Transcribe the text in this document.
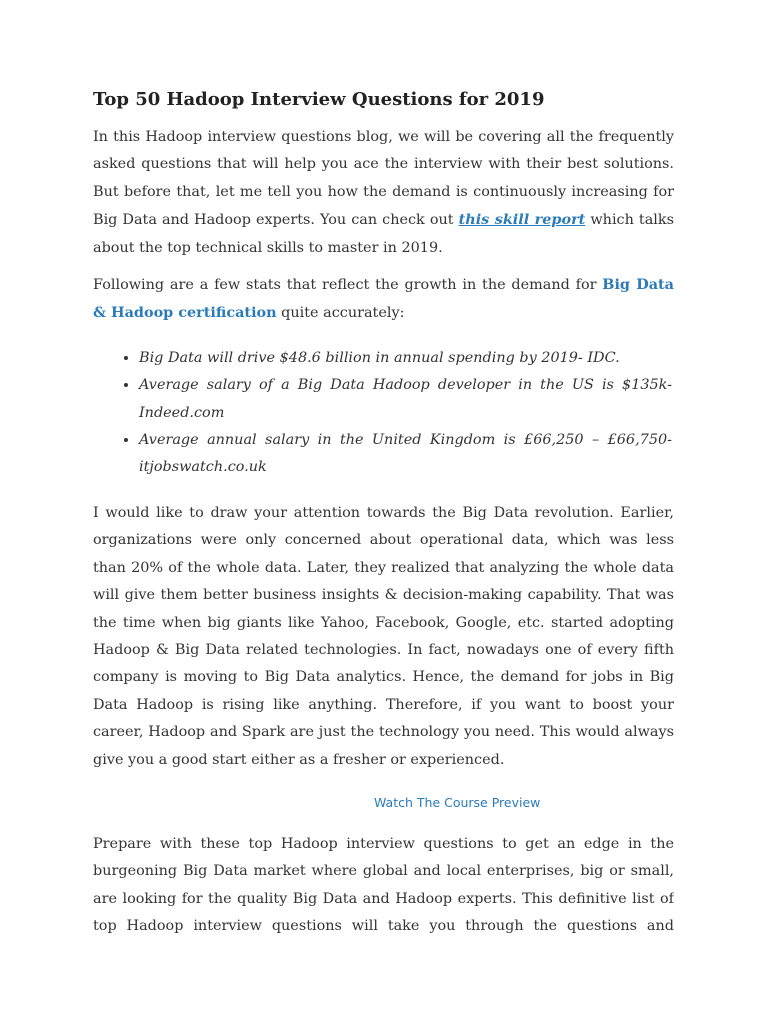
Top 50 Hadoop Interview Questions for 2019

In this Hadoop interview questions blog, we will be covering all the frequently asked questions that will help you ace the interview with their best solutions. But before that, let me tell you how the demand is continuously increasing for Big Data and Hadoop experts. You can check out this skill report which talks about the top technical skills to master in 2019.

Following are a few stats that reflect the growth in the demand for Big Data & Hadoop certification quite accurately:

• Big Data will drive $48.6 billion in annual spending by 2019- IDC.
• Average salary of a Big Data Hadoop developer in the US is $135k- Indeed.com
• Average annual salary in the United Kingdom is £66,250 – £66,750- itjobswatch.co.uk

I would like to draw your attention towards the Big Data revolution. Earlier, organizations were only concerned about operational data, which was less than 20% of the whole data. Later, they realized that analyzing the whole data will give them better business insights & decision-making capability. That was the time when big giants like Yahoo, Facebook, Google, etc. started adopting Hadoop & Big Data related technologies. In fact, nowadays one of every fifth company is moving to Big Data analytics. Hence, the demand for jobs in Big Data Hadoop is rising like anything. Therefore, if you want to boost your career, Hadoop and Spark are just the technology you need. This would always give you a good start either as a fresher or experienced.

Watch The Course Preview

Prepare with these top Hadoop interview questions to get an edge in the burgeoning Big Data market where global and local enterprises, big or small, are looking for the quality Big Data and Hadoop experts. This definitive list of top Hadoop interview questions will take you through the questions and
